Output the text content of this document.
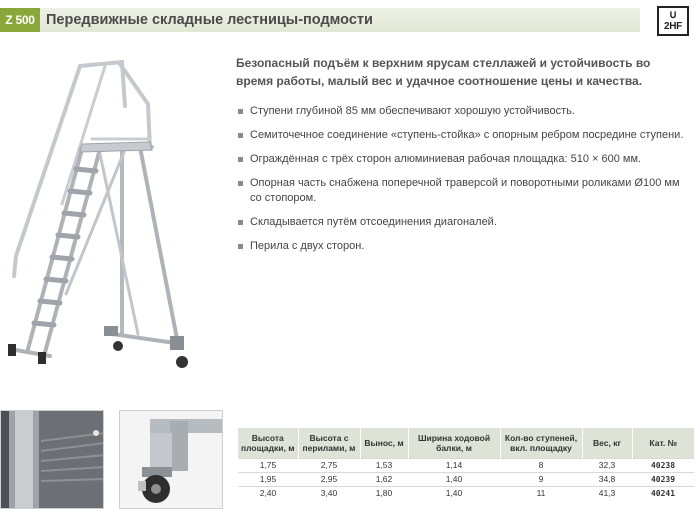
Z 500 Передвижные складные лестницы-подмости	∪
2HF
Безопасный подъём к верхним ярусам стеллажей и устойчивость во время работы, малый вес и удачное соотношение цены и качества.
Ступени глубиной 85 мм обеспечивают хорошую устойчивость.
Семиточечное соединение «ступень-стойка» с опорным ребром посредине ступени.
Ограждённая с трёх сторон алюминиевая рабочая площадка: 510 × 600 мм.
Опорная часть снабжена поперечной траверсой и поворотными роликами Ø100 мм со стопором.
Складывается путём отсоединения диагоналей.
Перила с двух сторон.
Высота площадки, м	Высота с перилами, м	Вынос, м	Ширина ходовой балки, м	Кол-во ступеней, вкл. площадку	Вес, кг	Кат. №
1,75	2,75	1,53	1,14	8	32,3	40238
1,95	2,95	1,62	1,40	9	34,8	40239
2,40	3,40	1,80	1,40	11	41,3	40241
